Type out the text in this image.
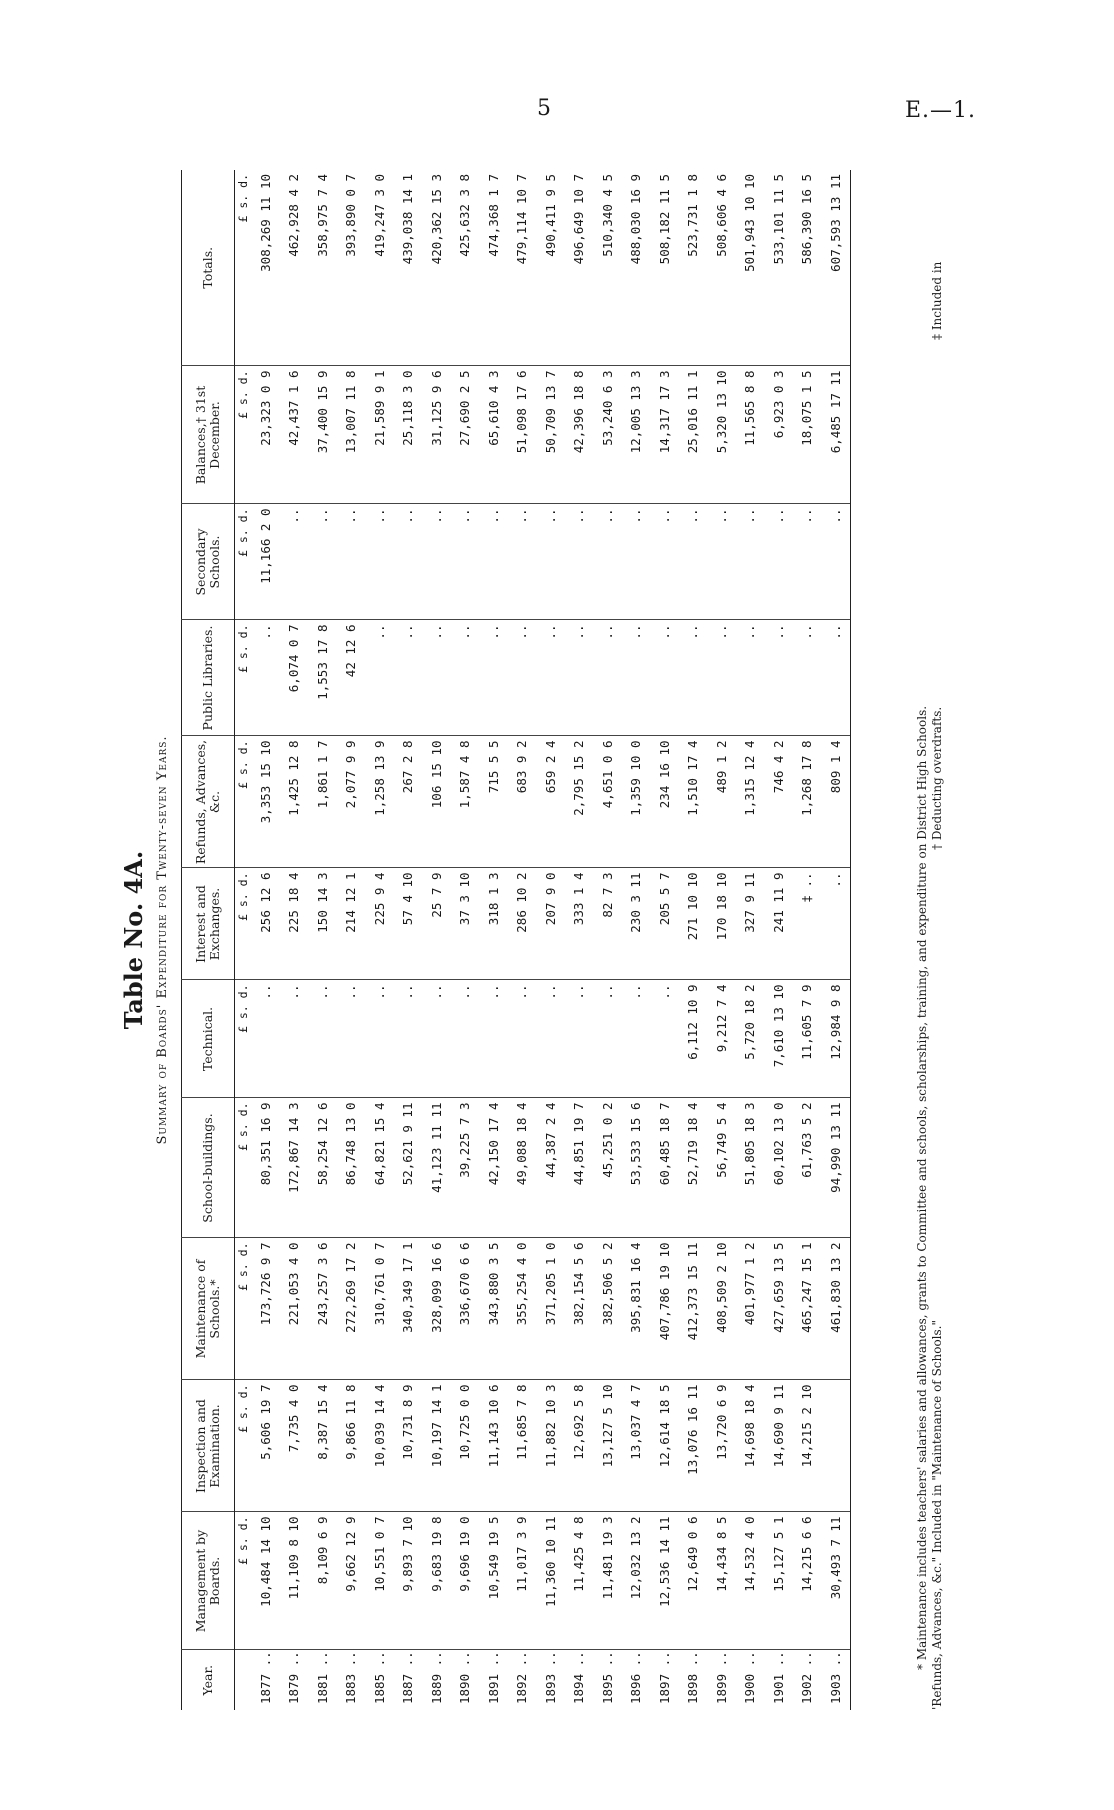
5	E.—1.
Table No. 4A. Summary of Boards' Expenditure for Twenty-seven Years.
Year.	Management by Boards.	Inspection and Examination.	Maintenance of Schools.*	School-buildings.	Technical.	Interest and Exchanges.	Refunds, Advances, &c.	Public Libraries.	Secondary Schools.	Balances,† 31st December.	Totals.
	£ s. d.	£ s. d.	£ s. d.	£ s. d.	£ s. d.	£ s. d.	£ s. d.	£ s. d.	£ s. d.	£ s. d.	£ s. d.
1877 ..	10,484 14 10	5,606 19 7	173,726 9 7	80,351 16 9	..	256 12 6	3,353 15 10	..	11,166 2 0	23,323 0 9	308,269 11 10
1879 ..	11,109 8 10	7,735 4 0	221,053 4 0	172,867 14 3	..	225 18 4	1,425 12 8	6,074 0 7	..	42,437 1 6	462,928 4 2
1881 ..	8,109 6 9	8,387 15 4	243,257 3 6	58,254 12 6	..	150 14 3	1,861 1 7	1,553 17 8	..	37,400 15 9	358,975 7 4
1883 ..	9,662 12 9	9,866 11 8	272,269 17 2	86,748 13 0	..	214 12 1	2,077 9 9	42 12 6	..	13,007 11 8	393,890 0 7
1885 ..	10,551 0 7	10,039 14 4	310,761 0 7	64,821 15 4	..	225 9 4	1,258 13 9	..	..	21,589 9 1	419,247 3 0
1887 ..	9,893 7 10	10,731 8 9	340,349 17 1	52,621 9 11	..	57 4 10	267 2 8	..	..	25,118 3 0	439,038 14 1
1889 ..	9,683 19 8	10,197 14 1	328,099 16 6	41,123 11 11	..	25 7 9	106 15 10	..	..	31,125 9 6	420,362 15 3
1890 ..	9,696 19 0	10,725 0 0	336,670 6 6	39,225 7 3	..	37 3 10	1,587 4 8	..	..	27,690 2 5	425,632 3 8
1891 ..	10,549 19 5	11,143 10 6	343,880 3 5	42,150 17 4	..	318 1 3	715 5 5	..	..	65,610 4 3	474,368 1 7
1892 ..	11,017 3 9	11,685 7 8	355,254 4 0	49,088 18 4	..	286 10 2	683 9 2	..	..	51,098 17 6	479,114 10 7
1893 ..	11,360 10 11	11,882 10 3	371,205 1 0	44,387 2 4	..	207 9 0	659 2 4	..	..	50,709 13 7	490,411 9 5
1894 ..	11,425 4 8	12,692 5 8	382,154 5 6	44,851 19 7	..	333 1 4	2,795 15 2	..	..	42,396 18 8	496,649 10 7
1895 ..	11,481 19 3	13,127 5 10	382,506 5 2	45,251 0 2	..	82 7 3	4,651 0 6	..	..	53,240 6 3	510,340 4 5
1896 ..	12,032 13 2	13,037 4 7	395,831 16 4	53,533 15 6	..	230 3 11	1,359 10 0	..	..	12,005 13 3	488,030 16 9
1897 ..	12,536 14 11	12,614 18 5	407,786 19 10	60,485 18 7	..	205 5 7	234 16 10	..	..	14,317 17 3	508,182 11 5
1898 ..	12,649 0 6	13,076 16 11	412,373 15 11	52,719 18 4	6,112 10 9	271 10 10	1,510 17 4	..	..	25,016 11 1	523,731 1 8
1899 ..	14,434 8 5	13,720 6 9	408,509 2 10	56,749 5 4	9,212 7 4	170 18 10	489 1 2	..	..	5,320 13 10	508,606 4 6
1900 ..	14,532 4 0	14,698 18 4	401,977 1 2	51,805 18 3	5,720 18 2	327 9 11	1,315 12 4	..	..	11,565 8 8	501,943 10 10
1901 ..	15,127 5 1	14,690 9 11	427,659 13 5	60,102 13 0	7,610 13 10	241 11 9	746 4 2	..	..	6,923 0 3	533,101 11 5
1902 ..	14,215 6 6	14,215 2 10	465,247 15 1	61,763 5 2	11,605 7 9	‡ ..	1,268 17 8	..	..	18,075 1 5	586,390 16 5
1903 ..	30,493 7 11		461,830 13 2	94,990 13 11	12,984 9 8	..	809 1 4	..	..	6,485 17 11	607,593 13 11
* Maintenance includes teachers' salaries and allowances, grants to Committee and schools, scholarships, training, and expenditure on District High Schools. 'Refunds, Advances, &c." Included in "Maintenance of Schools."
† Deducting overdrafts.
‡ Included in
